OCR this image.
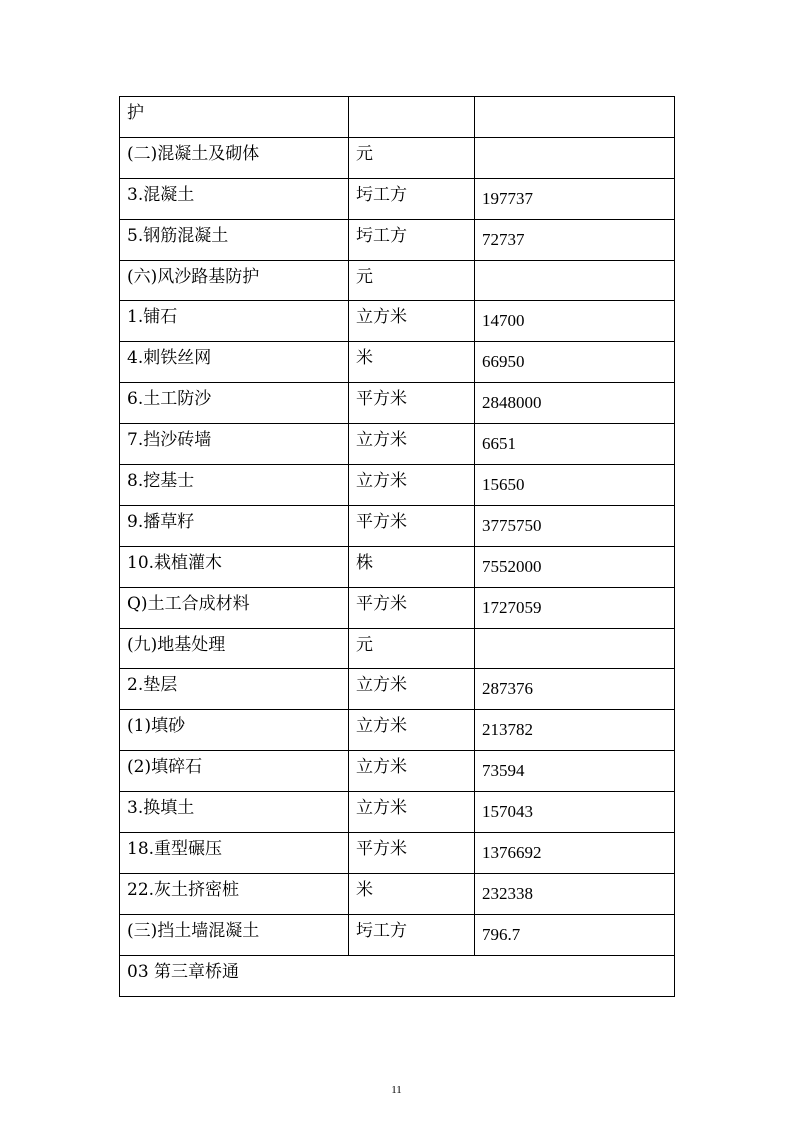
护		
(二)混凝土及砌体	元	
3.混凝土	圬工方	197737
5.钢筋混凝土	圬工方	72737
(六)风沙路基防护	元	
1.铺石	立方米	14700
4.刺铁丝网	米	66950
6.土工防沙	平方米	2848000
7.挡沙砖墙	立方米	6651
8.挖基士	立方米	15650
9.播草籽	平方米	3775750
10.栽植灌木	株	7552000
Q)土工合成材料	平方米	1727059
(九)地基处理	元	
2.垫层	立方米	287376
(1)填砂	立方米	213782
(2)填碎石	立方米	73594
3.换填土	立方米	157043
18.重型碾压	平方米	1376692
22.灰土挤密桩	米	232338
(三)挡土墙混凝土	圬工方	796.7
03 第三章桥通		
11
